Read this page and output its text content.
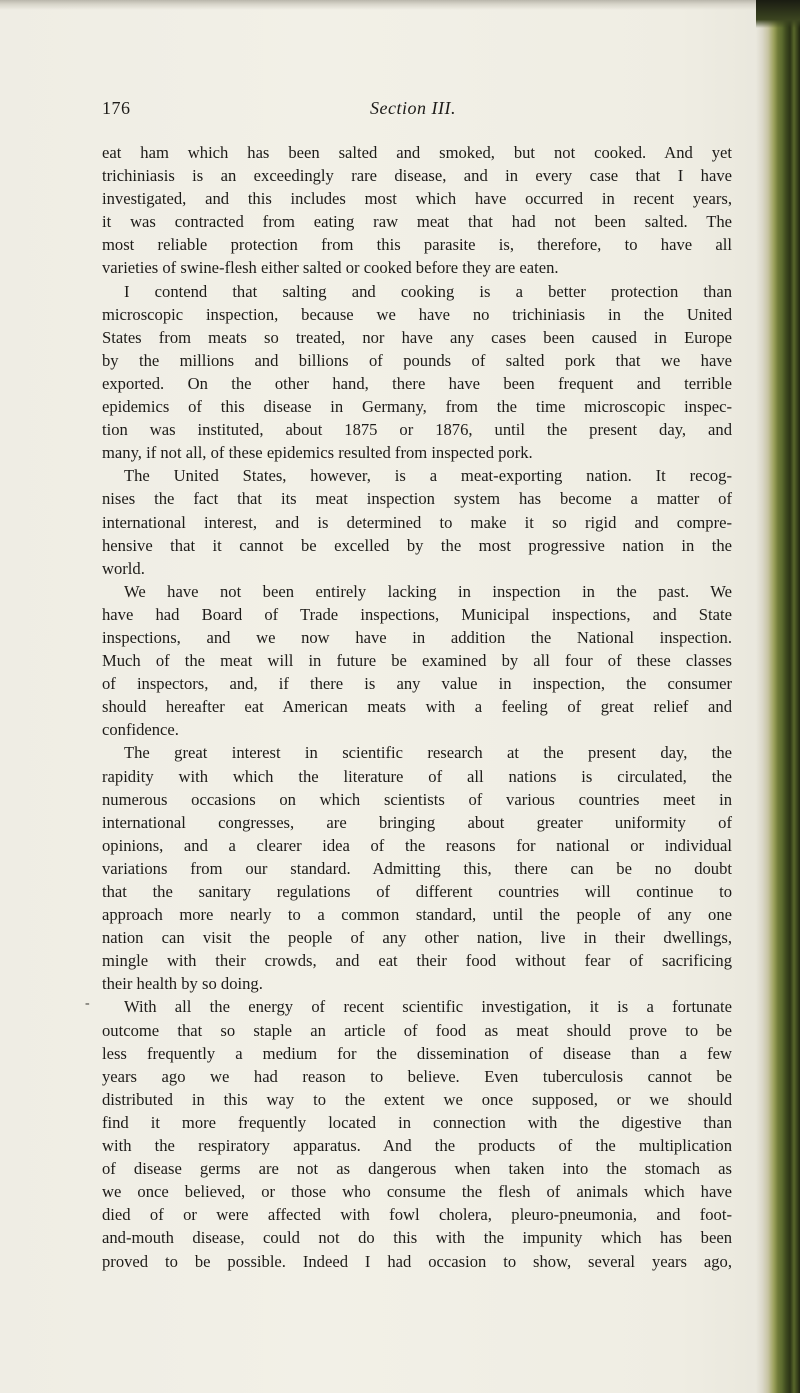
176	Section III.
-
eat ham which has been salted and smoked, but not cooked. And yet
trichiniasis is an exceedingly rare disease, and in every case that I have
investigated, and this includes most which have occurred in recent years,
it was contracted from eating raw meat that had not been salted. The
most reliable protection from this parasite is, therefore, to have all
varieties of swine-flesh either salted or cooked before they are eaten.
I contend that salting and cooking is a better protection than
microscopic inspection, because we have no trichiniasis in the United
States from meats so treated, nor have any cases been caused in Europe
by the millions and billions of pounds of salted pork that we have
exported. On the other hand, there have been frequent and terrible
epidemics of this disease in Germany, from the time microscopic inspec-
tion was instituted, about 1875 or 1876, until the present day, and
many, if not all, of these epidemics resulted from inspected pork.
The United States, however, is a meat-exporting nation. It recog-
nises the fact that its meat inspection system has become a matter of
international interest, and is determined to make it so rigid and compre-
hensive that it cannot be excelled by the most progressive nation in the
world.
We have not been entirely lacking in inspection in the past. We
have had Board of Trade inspections, Municipal inspections, and State
inspections, and we now have in addition the National inspection.
Much of the meat will in future be examined by all four of these classes
of inspectors, and, if there is any value in inspection, the consumer
should hereafter eat American meats with a feeling of great relief and
confidence.
The great interest in scientific research at the present day, the
rapidity with which the literature of all nations is circulated, the
numerous occasions on which scientists of various countries meet in
international congresses, are bringing about greater uniformity of
opinions, and a clearer idea of the reasons for national or individual
variations from our standard. Admitting this, there can be no doubt
that the sanitary regulations of different countries will continue to
approach more nearly to a common standard, until the people of any one
nation can visit the people of any other nation, live in their dwellings,
mingle with their crowds, and eat their food without fear of sacrificing
their health by so doing.
With all the energy of recent scientific investigation, it is a fortunate
outcome that so staple an article of food as meat should prove to be
less frequently a medium for the dissemination of disease than a few
years ago we had reason to believe. Even tuberculosis cannot be
distributed in this way to the extent we once supposed, or we should
find it more frequently located in connection with the digestive than
with the respiratory apparatus. And the products of the multiplication
of disease germs are not as dangerous when taken into the stomach as
we once believed, or those who consume the flesh of animals which have
died of or were affected with fowl cholera, pleuro-pneumonia, and foot-
and-mouth disease, could not do this with the impunity which has been
proved to be possible. Indeed I had occasion to show, several years ago,
